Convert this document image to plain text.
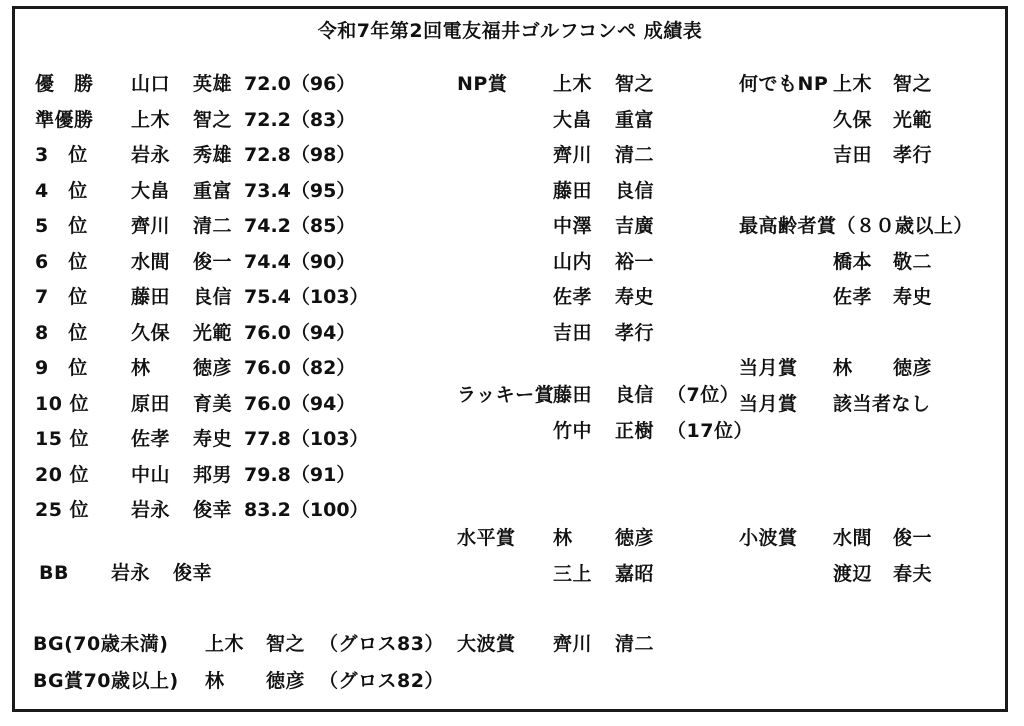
令和7年第2回電友福井ゴルフコンペ 成績表
優　勝 山口 英雄 72.0（96）
準優勝 上木 智之 72.2（83）
3　位 岩永 秀雄 72.8（98）
4　位 大畠 重富 73.4（95）
5　位 齊川 清二 74.2（85）
6　位 水間 俊一 74.4（90）
7　位 藤田 良信 75.4（103）
8　位 久保 光範 76.0（94）
9　位 林 徳彦 76.0（82）
10 位 原田 育美 76.0（94）
15 位 佐孝 寿史 77.8（103）
20 位 中山 邦男 79.8（91）
25 位 岩永 俊幸 83.2（100）
BB 岩永 俊幸
BG(70歳未満) 上木 智之 （グロス83）
BG賞70歳以上) 林 徳彦 （グロス82）
NP賞 上木 智之
大畠 重富
齊川 清二
藤田 良信
中澤 吉廣
山内 裕一
佐孝 寿史
吉田 孝行
ラッキー賞
藤田 良信 （7位）
竹中 正樹 （17位）
水平賞 林 徳彦
三上 嘉昭
大波賞 齊川 清二
何でもNP 上木 智之
久保 光範
吉田 孝行
最高齢者賞（８０歳以上）
橋本 敬二
佐孝 寿史
当月賞 林 徳彦
当月賞 該当者なし
小波賞 水間 俊一
渡辺 春夫
